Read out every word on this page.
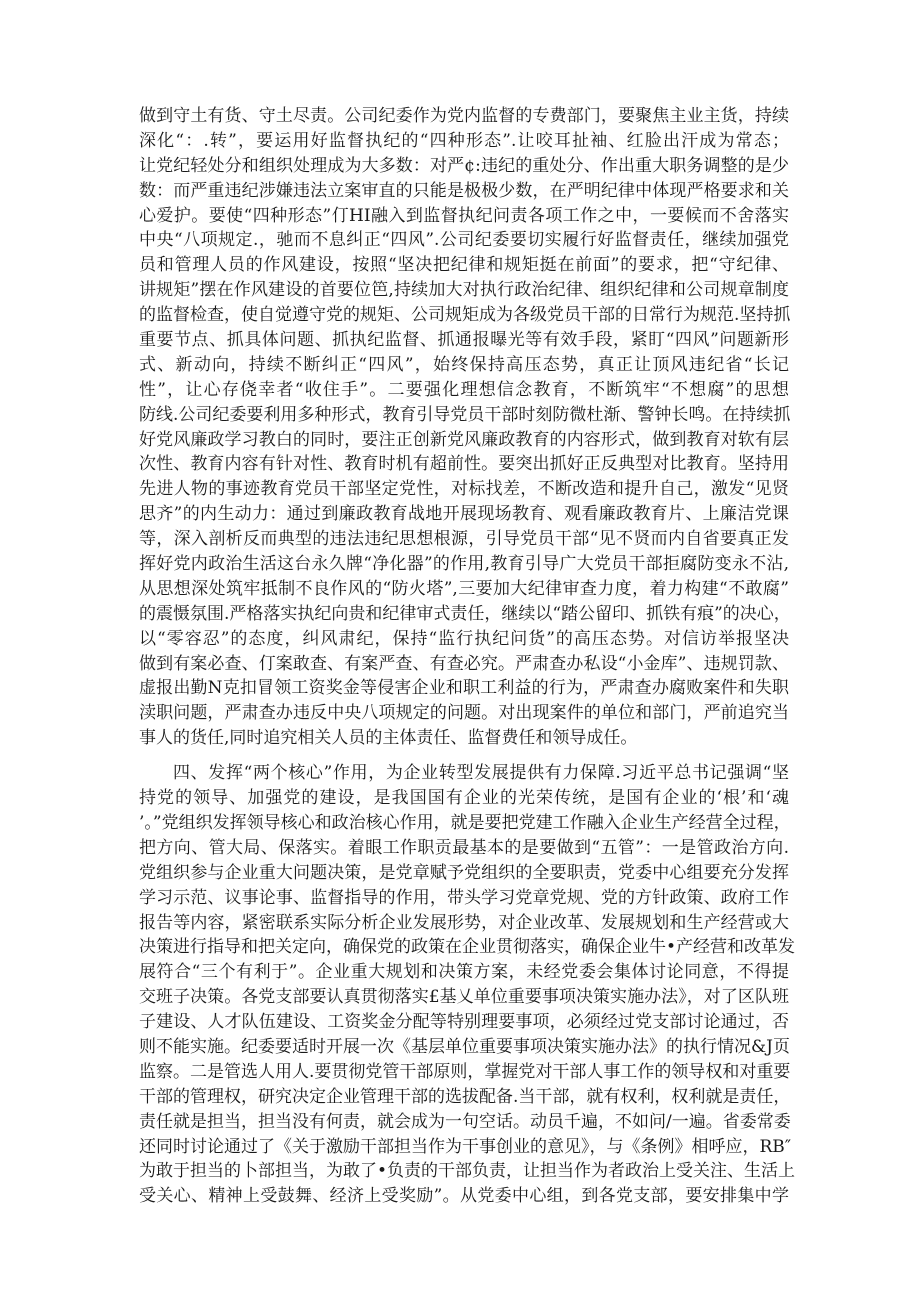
做到守土有货、守土尽责。公司纪委作为党内监督的专费部门，要聚焦主业主货，持续
深化“：.转”，要运用好监督执纪的“四种形态”.让咬耳扯袖、红脸出汗成为常态；
让党纪轻处分和组织处理成为大多数：对严¢:违纪的重处分、作出重大职务调整的是少
数：而严重违纪涉嫌违法立案审直的只能是极极少数，在严明纪律中体现严格要求和关
心爱护。要使“四种形态”仃HI融入到监督执纪问责各项工作之中，一要候而不舍落实
中央“八项规定.，驰而不息纠正“四风”.公司纪委要切实履行好监督责任，继续加强党
员和管理人员的作风建设，按照“坚决把纪律和规矩挺在前面”的要求，把“守纪律、
讲规矩”摆在作风建设的首要位笆,持续加大对执行政治纪律、组织纪律和公司规章制度
的监督检查，使自觉遵守党的规矩、公司规矩成为各级党员干部的日常行为规范.坚持抓
重要节点、抓具体问题、抓执纪监督、抓通报曝光等有效手段，紧盯“四风”问题新形
式、新动向，持续不断纠正“四风”，始终保持高压态势，真正让顶风违纪省“长记
性”，让心存侥幸者“收住手”。二要强化理想信念教育，不断筑牢“不想腐”的思想
防线.公司纪委要利用多种形式，教育引导党员干部时刻防微杜渐、警钟长鸣。在持续抓
好党风廉政学习教白的同时，要注正创新党风廉政教育的内容形式，做到教育对软有层
次性、教育内容有针对性、教育时机有超前性。要突出抓好正反典型对比教育。坚持用
先进人物的事迹教育党员干部坚定党性，对标找差，不断改造和提升自己，激发“见贤
思齐”的内生动力：通过到廉政教育战地开展现场教育、观看廉政教育片、上廉洁党课
等，深入剖析反而典型的违法违纪思想根源，引导党员干部“见不贤而内自省要真正发
挥好党内政治生活这台永久牌“净化器”的作用,教育引导广大党员干部拒腐防变永不沾,
从思想深处筑牢抵制不良作风的“防火塔”,三要加大纪律审查力度，着力构建“不敢腐”
的震慑氛围.严格落实执纪向贵和纪律审式责任，继续以“踏公留印、抓铁有痕”的决心，
以“零容忍”的态度，纠风肃纪，保持“监行执纪问货”的高压态势。对信访举报坚决
做到有案必查、仃案敢查、有案严查、有查必究。严肃查办私设“小金库”、违规罚款、
虚报出勤N克扣冒领工资奖金等侵害企业和职工利益的行为，严肃查办腐败案件和失职
渎职问题，严肃查办违反中央八项规定的问题。对出现案件的单位和部门，严前追究当
事人的货任,同时追究相关人员的主体责任、监督费任和领导成任。
四、发挥“两个核心”作用，为企业转型发展提供有力保障.习近平总书记强调“坚
持党的领导、加强党的建设，是我国国有企业的光荣传统，是国有企业的‘根’和‘魂
’。”党组织发挥领导核心和政治核心作用，就是要把党建工作融入企业生产经营全过程，
把方向、管大局、保落实。着眼工作职贡最基本的是要做到“五管”：一是管政治方向.
党组织参与企业重大问题决策，是党章赋予党组织的全要职责，党委中心组要充分发挥
学习示范、议事论事、监督指导的作用，带头学习党章党规、党的方针政策、政府工作
报告等内容，紧密联系实际分析企业发展形势，对企业改革、发展规划和生产经营或大
决策进行指导和把关定向，确保党的政策在企业贯彻落实，确保企业牛•产经营和改革发
展符合“三个有利于”。企业重大规划和决策方案，未经党委会集体讨论同意，不得提
交班子决策。各党支部要认真贯彻落实£基乂单位重要事项决策实施办法》，对了区队班
子建设、人才队伍建设、工资奖金分配等特别理要事项，必须经过党支部讨论通过，否
则不能实施。纪委要适时开展一次《基层单位重要事项决策实施办法》的执行情况&J页
监察。二是管选人用人.要贯彻党管干部原则，掌握党对干部人事工作的领导权和对重要
干部的管理权，研究决定企业管理干部的选拔配备.当干部，就有权利，权利就是责任，
责任就是担当，担当没有何责，就会成为一句空话。动员千遍，不如问/一遍。省委常委
还同时讨论通过了《关于激励干部担当作为干事创业的意见》，与《条例》相呼应，RB″
为敢于担当的卜部担当，为敢了•负责的干部负责，让担当作为者政治上受关注、生活上
受关心、精神上受鼓舞、经济上受奖励”。从党委中心组，到各党支部，要安排集中学
